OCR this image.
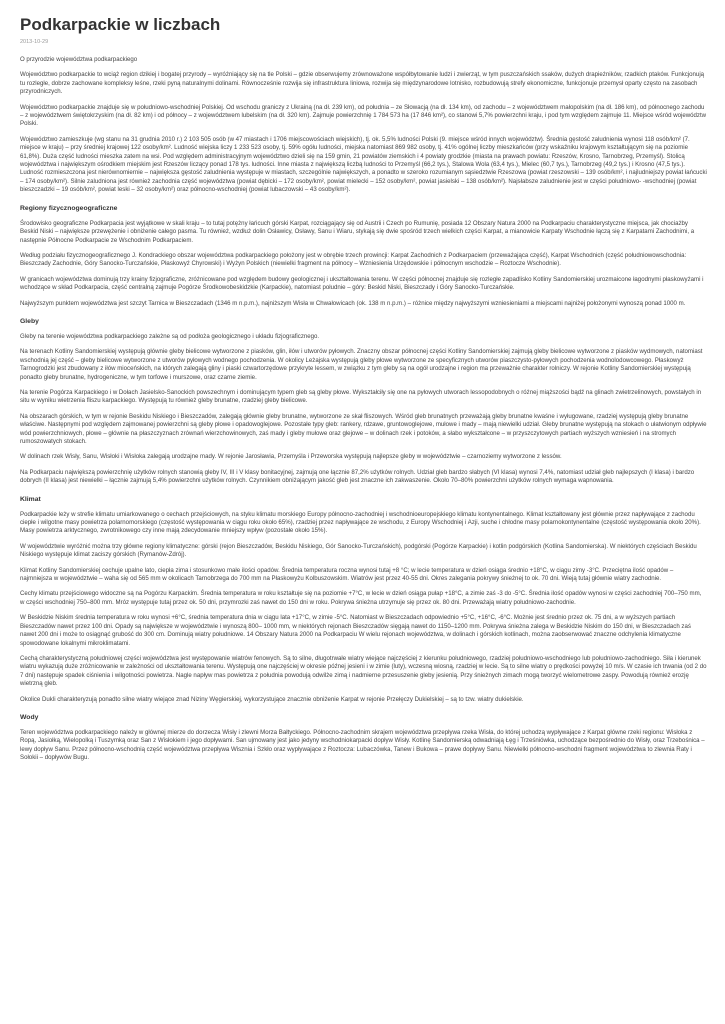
Podkarpackie w liczbach
2013-10-29
O przyrodzie województwa podkarpackiego

Województwo podkarpackie to wciąż region dzikiej i bogatej przyrody – wyróżniający się na tle Polski – gdzie obserwujemy zrównoważone współbytowanie ludzi i zwierząt, w tym puszczańskich ssaków, dużych drapieżników, rzadkich ptaków. Funkcjonują tu rozległe, dobrze zachowane kompleksy leśne, rzeki pyną naturalnymi dolinami. Równocześnie rozwija się infrastruktura liniowa, rozwija się międzynarodowe lotnisko, rozbudowują strefy ekonomiczne, funkcjonuje przemysł oparty często na zasobach przyrodniczych.

Województwo podkarpackie znajduje się w południowo-wschodniej Polskiej. Od wschodu graniczy z Ukrainą (na dł. 239 km), od południa – ze Słowacją (na dł. 134 km), od zachodu – z województwem małopolskim (na dł. 186 km), od północnego zachodu – z województwem świętokrzyskim (na dł. 82 km) i od północy – z województwem lubelskim (na dł. 320 km). Zajmuje powierzchnię 1 784 573 ha (17 846 km²), co stanowi 5,7% powierzchni kraju, i pod tym względem zajmuje 11. Miejsce wśród województw Polski.

Województwo zamieszkuje (wg stanu na 31 grudnia 2010 r.) 2 103 505 osób (w 47 miastach i 1706 miejscowościach wiejskich), tj. ok. 5,5% ludności Polski (9. miejsce wśród innych województw). Średnia gęstość zaludnienia wynosi 118 osób/km² (7. miejsce w kraju) – przy średniej krajowej 122 osoby/km². Ludność wiejska liczy 1 233 523 osoby, tj. 59% ogółu ludności, miejska natomiast 869 982 osoby, tj. 41% ogólnej liczby mieszkańców (przy wskaźniku krajowym kształtującym się na poziomie 61,8%). Duża część ludności mieszka zatem na wsi. Pod względem administracyjnym województwo dzieli się na 159 gmin, 21 powiatów ziemskich i 4 powiaty grodzkie (miasta na prawach powiatu: Rzeszów, Krosno, Tarnobrzeg, Przemyśl). Stolicą województwa i największym ośrodkiem miejskim jest Rzeszów liczący ponad 178 tys. ludności. Inne miasta z największą liczbą ludności to Przemyśl (66,2 tys.), Stalowa Wola (63,4 tys.), Mielec (60,7 tys.), Tarnobrzeg (49,2 tys.) i Krosno (47,5 tys.). Ludność rozmieszczona jest nierównomiernie – największa gęstość zaludnienia występuje w miastach, szczególnie największych, a ponadto w szeroko rozumianym sąsiedztwie Rzeszowa (powiat rzeszowski – 139 osób/km², i najludniejszy powiat łańcucki – 174 osoby/km²). Silnie zaludniona jest również zachodnia część województwa (powiat dębicki – 172 osoby/km², powiat mielecki – 152 osoby/km², powiat jasielski – 138 osób/km²). Najsłabsze zaludnienie jest w części południowo- -wschodniej (powiat bieszczadzki – 19 osób/km², powiat leski – 32 osoby/km²) oraz północno-wschodniej (powiat lubaczowski – 43 osoby/km²).

Regiony fizycznogeograficzne

Środowisko geograficzne Podkarpacia jest wyjątkowe w skali kraju – to tutaj potężny łańcuch górski Karpat, rozciągający się od Austrii i Czech po Rumunię, posiada 12 Obszary Natura 2000 na Podkarpaciu charakterystyczne miejsca, jak chociażby Beskid Niski – największe przewężenie i obniżenie całego pasma. Tu również, wzdłuż dolin Osławicy, Osławy, Sanu i Wiaru, stykają się dwie spośród trzech wielkich części Karpat, a mianowicie Karpaty Wschodnie łączą się z Karpatami Zachodnimi, a następnie Północne Podkarpacie ze Wschodnim Podkarpaciem.

Według podziału fizycznogeograficznego J. Kondrackiego obszar województwa podkarpackiego położony jest w obrębie trzech prowincji: Karpat Zachodnich z Podkarpaciem (przeważająca część), Karpat Wschodnich (część południowowschodnia: Bieszczady Zachodnie, Góry Sanocko-Turczańskie, Płaskowyż Chyrowski) i Wyżyn Polskich (niewielki fragment na północy – Wzniesienia Urzędowskie i północnym wschodzie – Roztocze Wschodnie).

W granicach województwa dominują trzy krainy fizjograficzne, zróżnicowane pod względem budowy geologicznej i ukształtowania terenu. W części północnej znajduje się rozległe zapadlisko Kotliny Sandomierskiej urozmaicone łagodnymi płaskowyżami i wchodzące w skład Podkarpacia, część centralną zajmuje Pogórze Środkowobeskidzkie (Karpackie), natomiast południe – góry: Beskid Niski, Bieszczady i Góry Sanocko-Turczańskie.

Najwyższym punktem województwa jest szczyt Tarnica w Bieszczadach (1346 m n.p.m.), najniższym Wisła w Chwałowicach (ok. 138 m n.p.m.) – różnice między najwyższymi wzniesieniami a miejscami najniżej położonymi wynoszą ponad 1000 m.

Gleby

Gleby na terenie województwa podkarpackiego zależne są od podłoża geologicznego i układu fizjograficznego.

Na terenach Kotliny Sandomierskiej występują głównie gleby bielicowe wytworzone z piasków, glin, iłów i utworów pyłowych. Znaczny obszar północnej części Kotliny Sandomierskiej zajmują gleby bielicowe wytworzone z piasków wydmowych, natomiast wschodnią jej część – gleby bielicowe wytworzone z utworów pyłowych wodnego pochodzenia. W okolicy Leżajska występują gleby płowe wytworzone ze specyficznych utworów piaszczysto-pyłowych pochodzenia wodnolodowcowego. Płaskowyż Tarnogrodzki jest zbudowany z iłów mioceńskich, na których zalegają gliny i piaski czwartorzędowe przykryte lessem, w związku z tym gleby są na ogół urodzajne i region ma przeważnie charakter rolniczy. W rejonie Kotliny Sandomierskiej występują ponadto gleby brunatne, hydrogeniczne, w tym torfowe i murszowe, oraz czarne ziemie.

Na terenie Pogórza Karpackiego i w Dołach Jasielsko-Sanockich powszechnym i dominującym typem gleb są gleby płowe. Wykształciły się one na pyłowych utworach lessopodobnych o różnej miąższości bądź na glinach zwietrzelinowych, powstałych in situ w wyniku wietrzenia fliszu karpackiego. Występują tu również gleby brunatne, rzadziej gleby bielicowe.

Na obszarach górskich, w tym w rejonie Beskidu Niskiego i Bieszczadów, zalegają głównie gleby brunatne, wytworzone ze skał fliszowych. Wśród gleb brunatnych przeważają gleby brunatne kwaśne i wyługowane, rzadziej występują gleby brunatne właściwe. Następnymi pod względem zajmowanej powierzchni są gleby płowe i opadowoglejowe. Pozostałe typy gleb: rankery, rdzawe, gruntowoglejowe, mułowe i mady – mają niewielki udział. Gleby brunatne występują na stokach o ułatwionym odpływie wód powierzchniowych, płowe – głównie na płaszczyznach zrównań wierzchowinowych, zaś mady i gleby mułowe oraz glejowe – w dolinach rzek i potoków, a słabo wykształcone – w przyszczytowych partiach wyższych wzniesień i na stromych rumoszowatych stokach.

W dolinach rzek Wisły, Sanu, Wisłoki i Wisłoka zalegają urodzajne mady. W rejonie Jarosławia, Przemyśla i Przeworska występują najlepsze gleby w województwie – czarnoziemy wytworzone z lessów.

Na Podkarpaciu największą powierzchnię użytków rolnych stanowią gleby IV, III i V klasy bonitacyjnej, zajmują one łącznie 87,2% użytków rolnych. Udział gleb bardzo słabych (VI klasa) wynosi 7,4%, natomiast udział gleb najlepszych (I klasa) i bardzo dobrych (II klasa) jest niewielki – łącznie zajmują 5,4% powierzchni użytków rolnych. Czynnikiem obniżającym jakość gleb jest znaczne ich zakwaszenie. Około 70–80% powierzchni użytków rolnych wymaga wapnowania.

Klimat

Podkarpackie leży w strefie klimatu umiarkowanego o cechach przejściowych, na styku klimatu morskiego Europy północno-zachodniej i wschodnioeuropejskiego klimatu kontynentalnego. Klimat kształtowany jest głównie przez napływające z zachodu ciepłe i wilgotne masy powietrza polarnomorskiego (częstość występowania w ciągu roku około 65%), rzadziej przez napływające ze wschodu, z Europy Wschodniej i Azji, suche i chłodne masy polarnokontynentalne (częstość występowania około 20%). Masy powietrza arktycznego, zwrotnikowego czy inne mają zdecydowanie mniejszy wpływ (pozostałe około 15%).

W województwie wyróżnić można trzy główne regiony klimatyczne: górski (rejon Bieszczadów, Beskidu Niskiego, Gór Sanocko-Turczańskich), podgórski (Pogórze Karpackie) i kotlin podgórskich (Kotlina Sandomierska). W niektórych częściach Beskidu Niskiego występuje klimat zaciszy górskich (Rymanów-Zdrój).

Klimat Kotliny Sandomierskiej cechuje upalne lato, ciepła zima i stosunkowo małe ilości opadów. Średnia temperatura roczna wynosi tutaj +8 °C; w lecie temperatura w dzień osiąga średnio +18°C, w ciągu zimy -3°C. Przeciętna ilość opadów – najmniejsza w województwie – waha się od 565 mm w okolicach Tarnobrzega do 700 mm na Płaskowyżu Kolbuszowskim. Wiatrów jest przez 40-55 dni. Okres zalegania pokrywy śnieżnej to ok. 70 dni. Wieją tutaj głównie wiatry zachodnie.

Cechy klimatu przejściowego widoczne są na Pogórzu Karpackim. Średnia temperatura w roku kształtuje się na poziomie +7°C, w lecie w dzień osiąga pułap +18°C, a zimie zaś -3 do -5°C. Średnia ilość opadów wynosi w części zachodniej 700–750 mm, w części wschodniej 750–800 mm. Mróz występuje tutaj przez ok. 50 dni, przymrozki zaś nawet do 150 dni w roku. Pokrywa śnieżna utrzymuje się przez ok. 80 dni. Przeważają wiatry południowo-zachodnie.

W Beskidzie Niskim średnia temperatura w roku wynosi +6°C, średnia temperatura dnia w ciągu lata +17°C, w zimie -5°C. Natomiast w Bieszczadach odpowiednio +5°C, +16°C, -6°C. Możnie jest średnio przez ok. 75 dni, a w wyższych partiach Bieszczadów nawet przez 100 dni. Opady są największe w województwie i wynoszą 800– 1000 mm, w niektórych rejonach Bieszczadów sięgają nawet do 1150–1200 mm. Pokrywa śnieżna zalega w Beskidzie Niskim do 150 dni, w Bieszczadach zaś nawet 200 dni i może to osiągnąć grubość do 300 cm. Dominują wiatry południowe. 14 Obszary Natura 2000 na Podkarpaciu W wielu rejonach województwa, w dolinach i górskich kotlinach, można zaobserwować znaczne odchylenia klimatyczne spowodowane lokalnymi mikroklimatami.

Cechą charakterystyczną południowej części województwa jest występowanie wiatrów fenowych. Są to silne, długotrwałe wiatry wiejące najczęściej z kierunku południowego, rzadziej południowo-wschodniego lub południowo-zachodniego. Siła i kierunek wiatru wykazują duże zróżnicowanie w zależności od ukształtowania terenu. Występują one najczęściej w okresie późnej jesieni i w zimie (luty), wczesną wiosną, rzadziej w lecie. Są to silne wiatry o prędkości powyżej 10 m/s. W czasie ich trwania (od 2 do 7 dni) następuje spadek ciśnienia i wilgotności powietrza. Nagle napływ mas powietrza z południa powodują odwilże zimą i nadmierne przesuszenie gleby jesienią. Przy śnieżnych zimach mogą tworzyć wielometrowe zaspy. Powodują również erozję wietrzną gleb.

Okolice Dukli charakteryzują ponadto silne wiatry wiejące znad Niziny Węgierskiej, wykorzystujące znacznie obniżenie Karpat w rejonie Przełęczy Dukielskiej – są to tzw. wiatry dukielskie.

Wody

Teren województwa podkarpackiego należy w głównej mierze do dorzecza Wisły i zlewni Morza Bałtyckiego. Północno-zachodnim skrajem województwa przepływa rzeka Wisła, do której uchodzą wypływające z Karpat główne rzeki regionu: Wisłoka z Ropą, Jasiołką, Wielopolką i Tuszymką oraz San z Wisłokiem i jego dopływami. San ujmowany jest jako jedyny wschodniokarpacki dopływ Wisły. Kotlinę Sandomierską odwadniają Łęg i Trześniówka, uchodzące bezpośrednio do Wisły, oraz Trzebośnica – lewy dopływ Sanu. Przez północno-wschodnią część województwa przepływa Wisznia i Szkło oraz wypływające z Roztocza: Lubaczówka, Tanew i Bukowa – prawe dopływy Sanu. Niewielki północno-wschodni fragment województwa to zlewnia Raty i Sołokii – dopływów Bugu.
